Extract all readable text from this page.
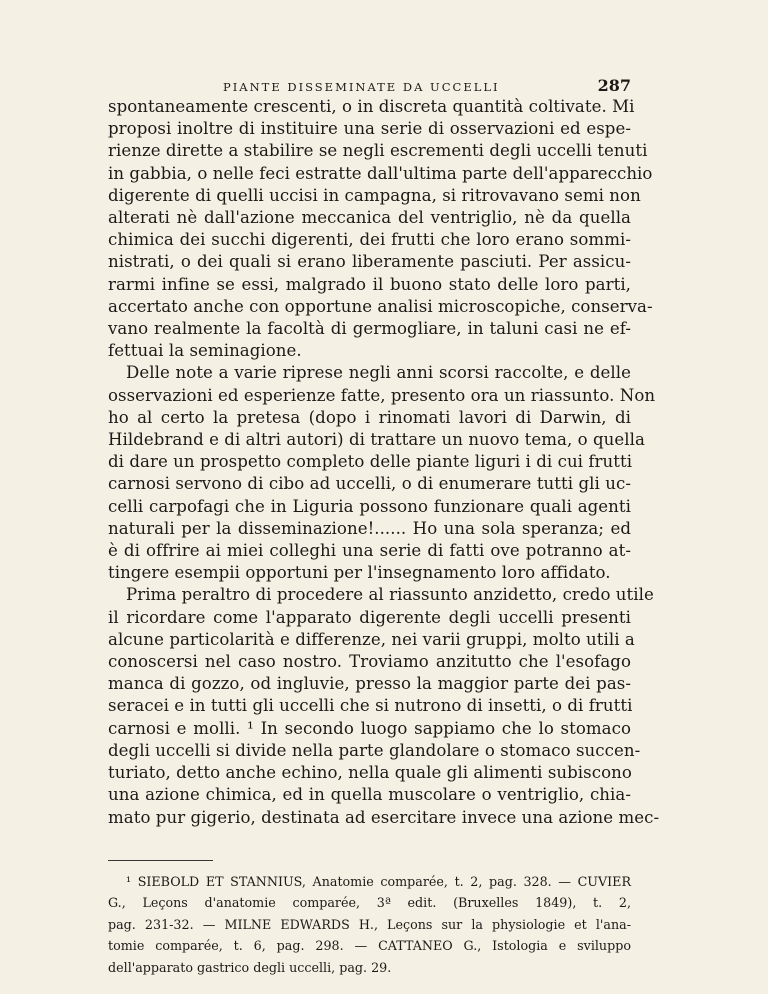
PIANTE DISSEMINATE DA UCCELLI	287
spontaneamente crescenti, o in discreta quantità coltivate. Mi
proposi inoltre di instituire una serie di osservazioni ed espe-
rienze dirette a stabilire se negli escrementi degli uccelli tenuti
in gabbia, o nelle feci estratte dall'ultima parte dell'apparecchio
digerente di quelli uccisi in campagna, si ritrovavano semi non
alterati nè dall'azione meccanica del ventriglio, nè da quella
chimica dei succhi digerenti, dei frutti che loro erano sommi-
nistrati, o dei quali si erano liberamente pasciuti. Per assicu-
rarmi infine se essi, malgrado il buono stato delle loro parti,
accertato anche con opportune analisi microscopiche, conserva-
vano realmente la facoltà di germogliare, in taluni casi ne ef-
fettuai la seminagione.
Delle note a varie riprese negli anni scorsi raccolte, e delle
osservazioni ed esperienze fatte, presento ora un riassunto. Non
ho al certo la pretesa (dopo i rinomati lavori di Darwin, di
Hildebrand e di altri autori) di trattare un nuovo tema, o quella
di dare un prospetto completo delle piante liguri i di cui frutti
carnosi servono di cibo ad uccelli, o di enumerare tutti gli uc-
celli carpofagi che in Liguria possono funzionare quali agenti
naturali per la disseminazione!...... Ho una sola speranza; ed
è di offrire ai miei colleghi una serie di fatti ove potranno at-
tingere esempii opportuni per l'insegnamento loro affidato.
Prima peraltro di procedere al riassunto anzidetto, credo utile
il ricordare come l'apparato digerente degli uccelli presenti
alcune particolarità e differenze, nei varii gruppi, molto utili a
conoscersi nel caso nostro. Troviamo anzitutto che l'esofago
manca di gozzo, od ingluvie, presso la maggior parte dei pas-
seracei e in tutti gli uccelli che si nutrono di insetti, o di frutti
carnosi e molli. ¹ In secondo luogo sappiamo che lo stomaco
degli uccelli si divide nella parte glandolare o stomaco succen-
turiato, detto anche echino, nella quale gli alimenti subiscono
una azione chimica, ed in quella muscolare o ventriglio, chia-
mato pur gigerio, destinata ad esercitare invece una azione mec-
¹ SIEBOLD ET STANNIUS, Anatomie comparée, t. 2, pag. 328. — CUVIER
G., Leçons d'anatomie comparée, 3ª edit. (Bruxelles 1849), t. 2,
pag. 231-32. — MILNE EDWARDS H., Leçons sur la physiologie et l'ana-
tomie comparée, t. 6, pag. 298. — CATTANEO G., Istologia e sviluppo
dell'apparato gastrico degli uccelli, pag. 29.
